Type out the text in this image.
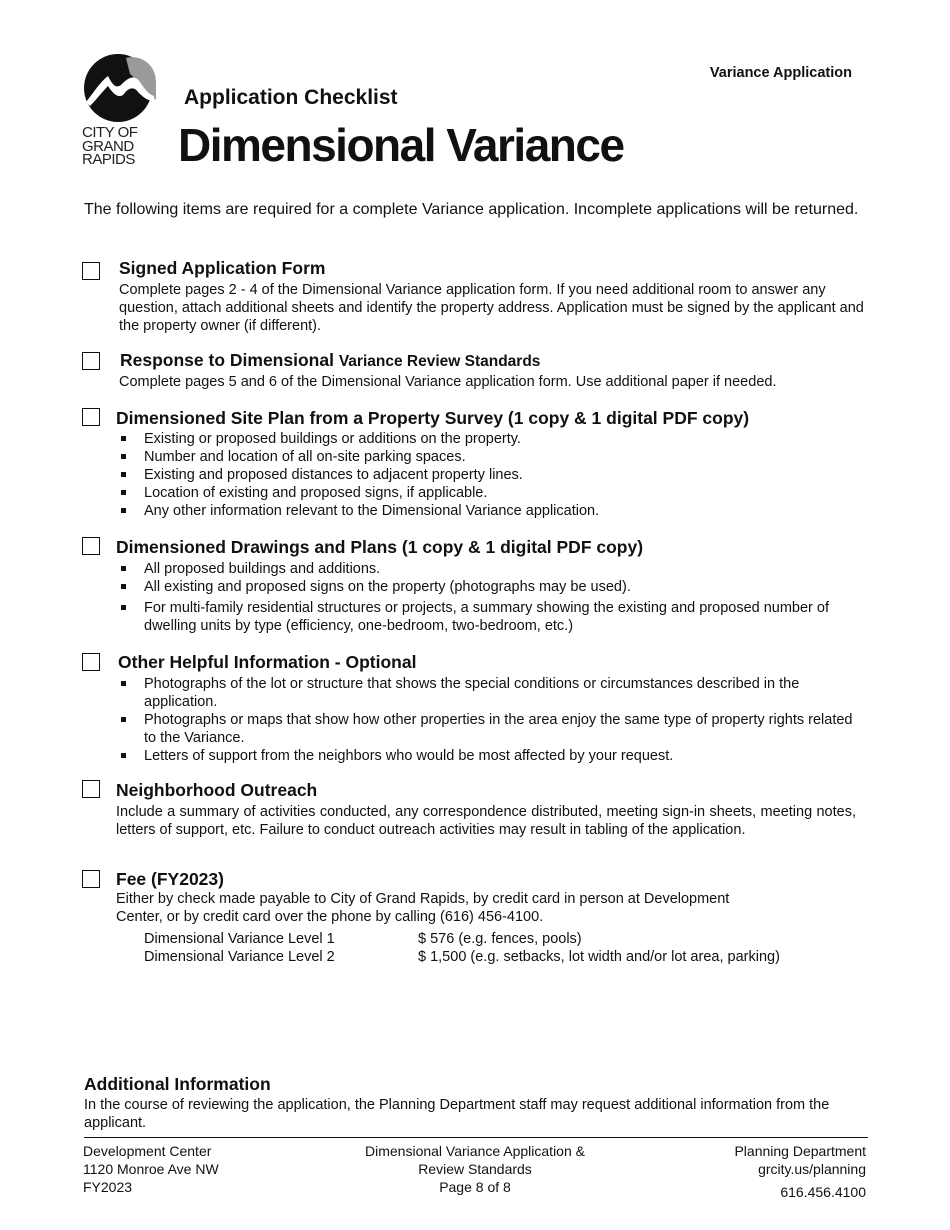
CITY OF
GRAND
RAPIDS
Variance Application
Application Checklist
Dimensional Variance
The following items are required for a complete Variance application. Incomplete applications will be returned.
Signed Application Form
Complete pages 2 - 4 of the Dimensional Variance application form. If you need additional room to answer any question, attach additional sheets and identify the property address. Application must be signed by the applicant and the property owner (if different).
Response to Dimensional Variance Review Standards
Complete pages 5 and 6 of the Dimensional Variance application form. Use additional paper if needed.
Dimensioned Site Plan from a Property Survey (1 copy & 1 digital PDF copy)
Existing or proposed buildings or additions on the property.
Number and location of all on-site parking spaces.
Existing and proposed distances to adjacent property lines.
Location of existing and proposed signs, if applicable.
Any other information relevant to the Dimensional Variance application.
Dimensioned Drawings and Plans (1 copy & 1 digital PDF copy)
All proposed buildings and additions.
All existing and proposed signs on the property (photographs may be used).
For multi-family residential structures or projects, a summary showing the existing and proposed number of dwelling units by type (efficiency, one-bedroom, two-bedroom, etc.)
Other Helpful Information - Optional
Photographs of the lot or structure that shows the special conditions or circumstances described in the application.
Photographs or maps that show how other properties in the area enjoy the same type of property rights related to the Variance.
Letters of support from the neighbors who would be most affected by your request.
Neighborhood Outreach
Include a summary of activities conducted, any correspondence distributed, meeting sign-in sheets, meeting notes, letters of support, etc. Failure to conduct outreach activities may result in tabling of the application.
Fee (FY2023)
Either by check made payable to City of Grand Rapids, by credit card in person at Development
Center, or by credit card over the phone by calling (616) 456-4100.
Dimensional Variance Level 1	$ 576 (e.g. fences, pools)
Dimensional Variance Level 2	$ 1,500 (e.g. setbacks, lot width and/or lot area, parking)
Additional Information
In the course of reviewing the application, the Planning Department staff may request additional information from the applicant.
Development Center
1120 Monroe Ave NW
FY2023
Dimensional Variance Application &
Review Standards
Page 8 of 8
Planning Department
grcity.us/planning
616.456.4100
